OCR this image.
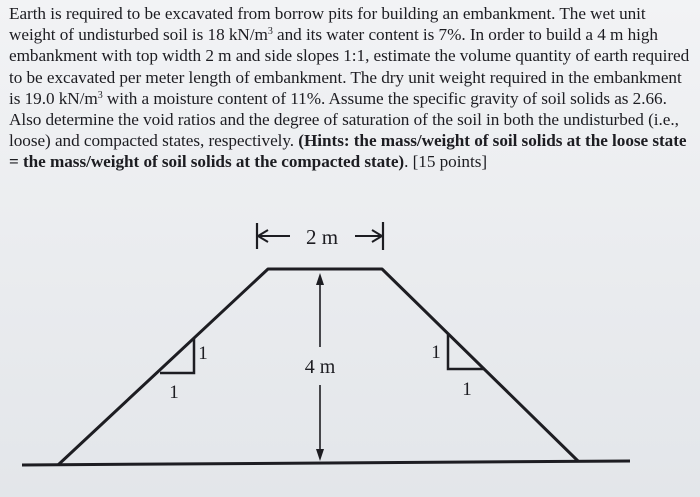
Earth is required to be excavated from borrow pits for building an embankment. The wet unit weight of undisturbed soil is 18 $kN/m^3$ and its water content is 7%. In order to build a 4 m high embankment with top width 2 m and side slopes 1:1, estimate the volume quantity of earth required to be excavated per meter length of embankment. The dry unit weight required in the embankment is 19.0 $kN/m^3$ with a moisture content of 11%. Assume the specific gravity of soil solids as 2.66. Also determine the void ratios and the degree of saturation of the soil in both the undisturbed (i.e., loose) and compacted states, respectively. (Hints: the mass/weight of soil solids at the loose state = the mass/weight of soil solids at the compacted state). [15 points]

2 m
4 m
1
1
1
1
